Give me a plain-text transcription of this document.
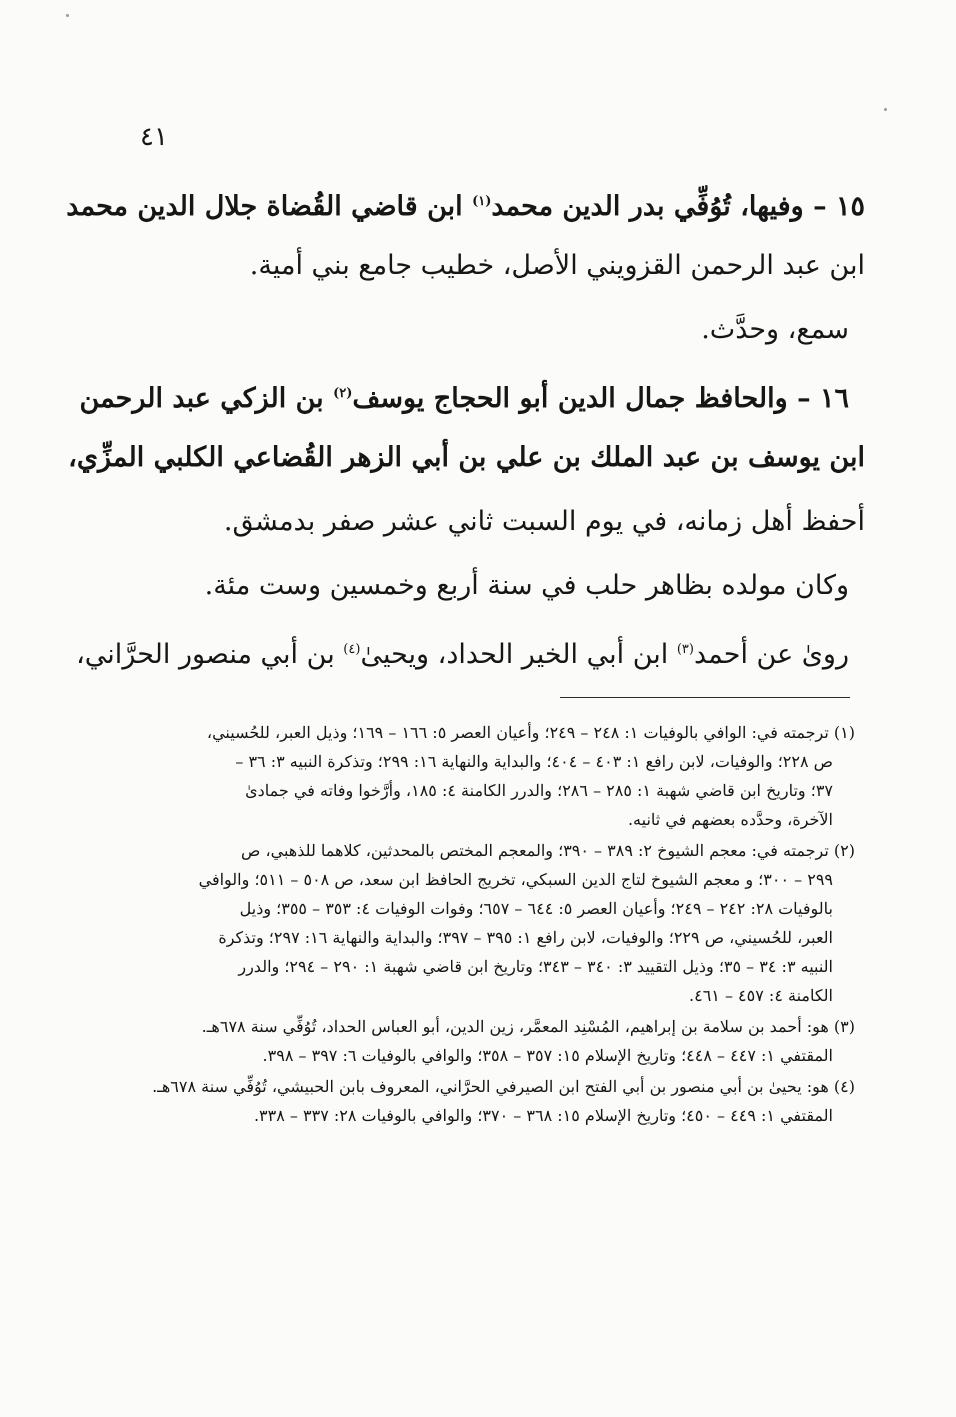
٤١
١٥ – وفيها، تُوُفِّي بدر الدين محمد$^{(١)}$ ابن قاضي القُضاة جلال الدين محمد
ابن عبد الرحمن القزويني الأصل، خطيب جامع بني أمية.
سمع، وحدَّث.
١٦ – والحافظ جمال الدين أبو الحجاج يوسف$^{(٢)}$ بن الزكي عبد الرحمن
ابن يوسف بن عبد الملك بن علي بن أبي الزهر القُضاعي الكلبي المزِّي،
أحفظ أهل زمانه، في يوم السبت ثاني عشر صفر بدمشق.
وكان مولده بظاهر حلب في سنة أربع وخمسين وست مئة.
روىٰ عن أحمد$^{(٣)}$ ابن أبي الخير الحداد، ويحيىٰ$^{(٤)}$ بن أبي منصور الحرَّاني،
(١) ترجمته في: الوافي بالوفيات ١: ٢٤٨ – ٢٤٩؛ وأعيان العصر ٥: ١٦٦ – ١٦٩؛ وذيل العبر، للحُسيني،
ص ٢٢٨؛ والوفيات، لابن رافع ١: ٤٠٣ – ٤٠٤؛ والبداية والنهاية ١٦: ٢٩٩؛ وتذكرة النبيه ٣: ٣٦ –
٣٧؛ وتاريخ ابن قاضي شهبة ١: ٢٨٥ – ٢٨٦؛ والدرر الكامنة ٤: ١٨٥، وأرَّخوا وفاته في جمادىٰ
الآخرة، وحدَّده بعضهم في ثانيه.
(٢) ترجمته في: معجم الشيوخ ٢: ٣٨٩ – ٣٩٠؛ والمعجم المختص بالمحدثين، كلاهما للذهبي، ص
٢٩٩ – ٣٠٠؛ و معجم الشيوخ لتاج الدين السبكي، تخريج الحافظ ابن سعد، ص ٥٠٨ – ٥١١؛ والوافي
بالوفيات ٢٨: ٢٤٢ – ٢٤٩؛ وأعيان العصر ٥: ٦٤٤ – ٦٥٧؛ وفوات الوفيات ٤: ٣٥٣ – ٣٥٥؛ وذيل
العبر، للحُسيني، ص ٢٢٩؛ والوفيات، لابن رافع ١: ٣٩٥ – ٣٩٧؛ والبداية والنهاية ١٦: ٢٩٧؛ وتذكرة
النبيه ٣: ٣٤ – ٣٥؛ وذيل التقييد ٣: ٣٤٠ – ٣٤٣؛ وتاريخ ابن قاضي شهبة ١: ٢٩٠ – ٢٩٤؛ والدرر
الكامنة ٤: ٤٥٧ – ٤٦١.
(٣) هو: أحمد بن سلامة بن إبراهيم، المُسْنِد المعمَّر، زين الدين، أبو العباس الحداد، تُوُفِّي سنة ٦٧٨هـ.
المقتفي ١: ٤٤٧ – ٤٤٨؛ وتاريخ الإسلام ١٥: ٣٥٧ – ٣٥٨؛ والوافي بالوفيات ٦: ٣٩٧ – ٣٩٨.
(٤) هو: يحيىٰ بن أبي منصور بن أبي الفتح ابن الصيرفي الحرَّاني، المعروف بابن الحبيشي، تُوُفِّي سنة ٦٧٨هـ.
المقتفي ١: ٤٤٩ – ٤٥٠؛ وتاريخ الإسلام ١٥: ٣٦٨ – ٣٧٠؛ والوافي بالوفيات ٢٨: ٣٣٧ – ٣٣٨.
